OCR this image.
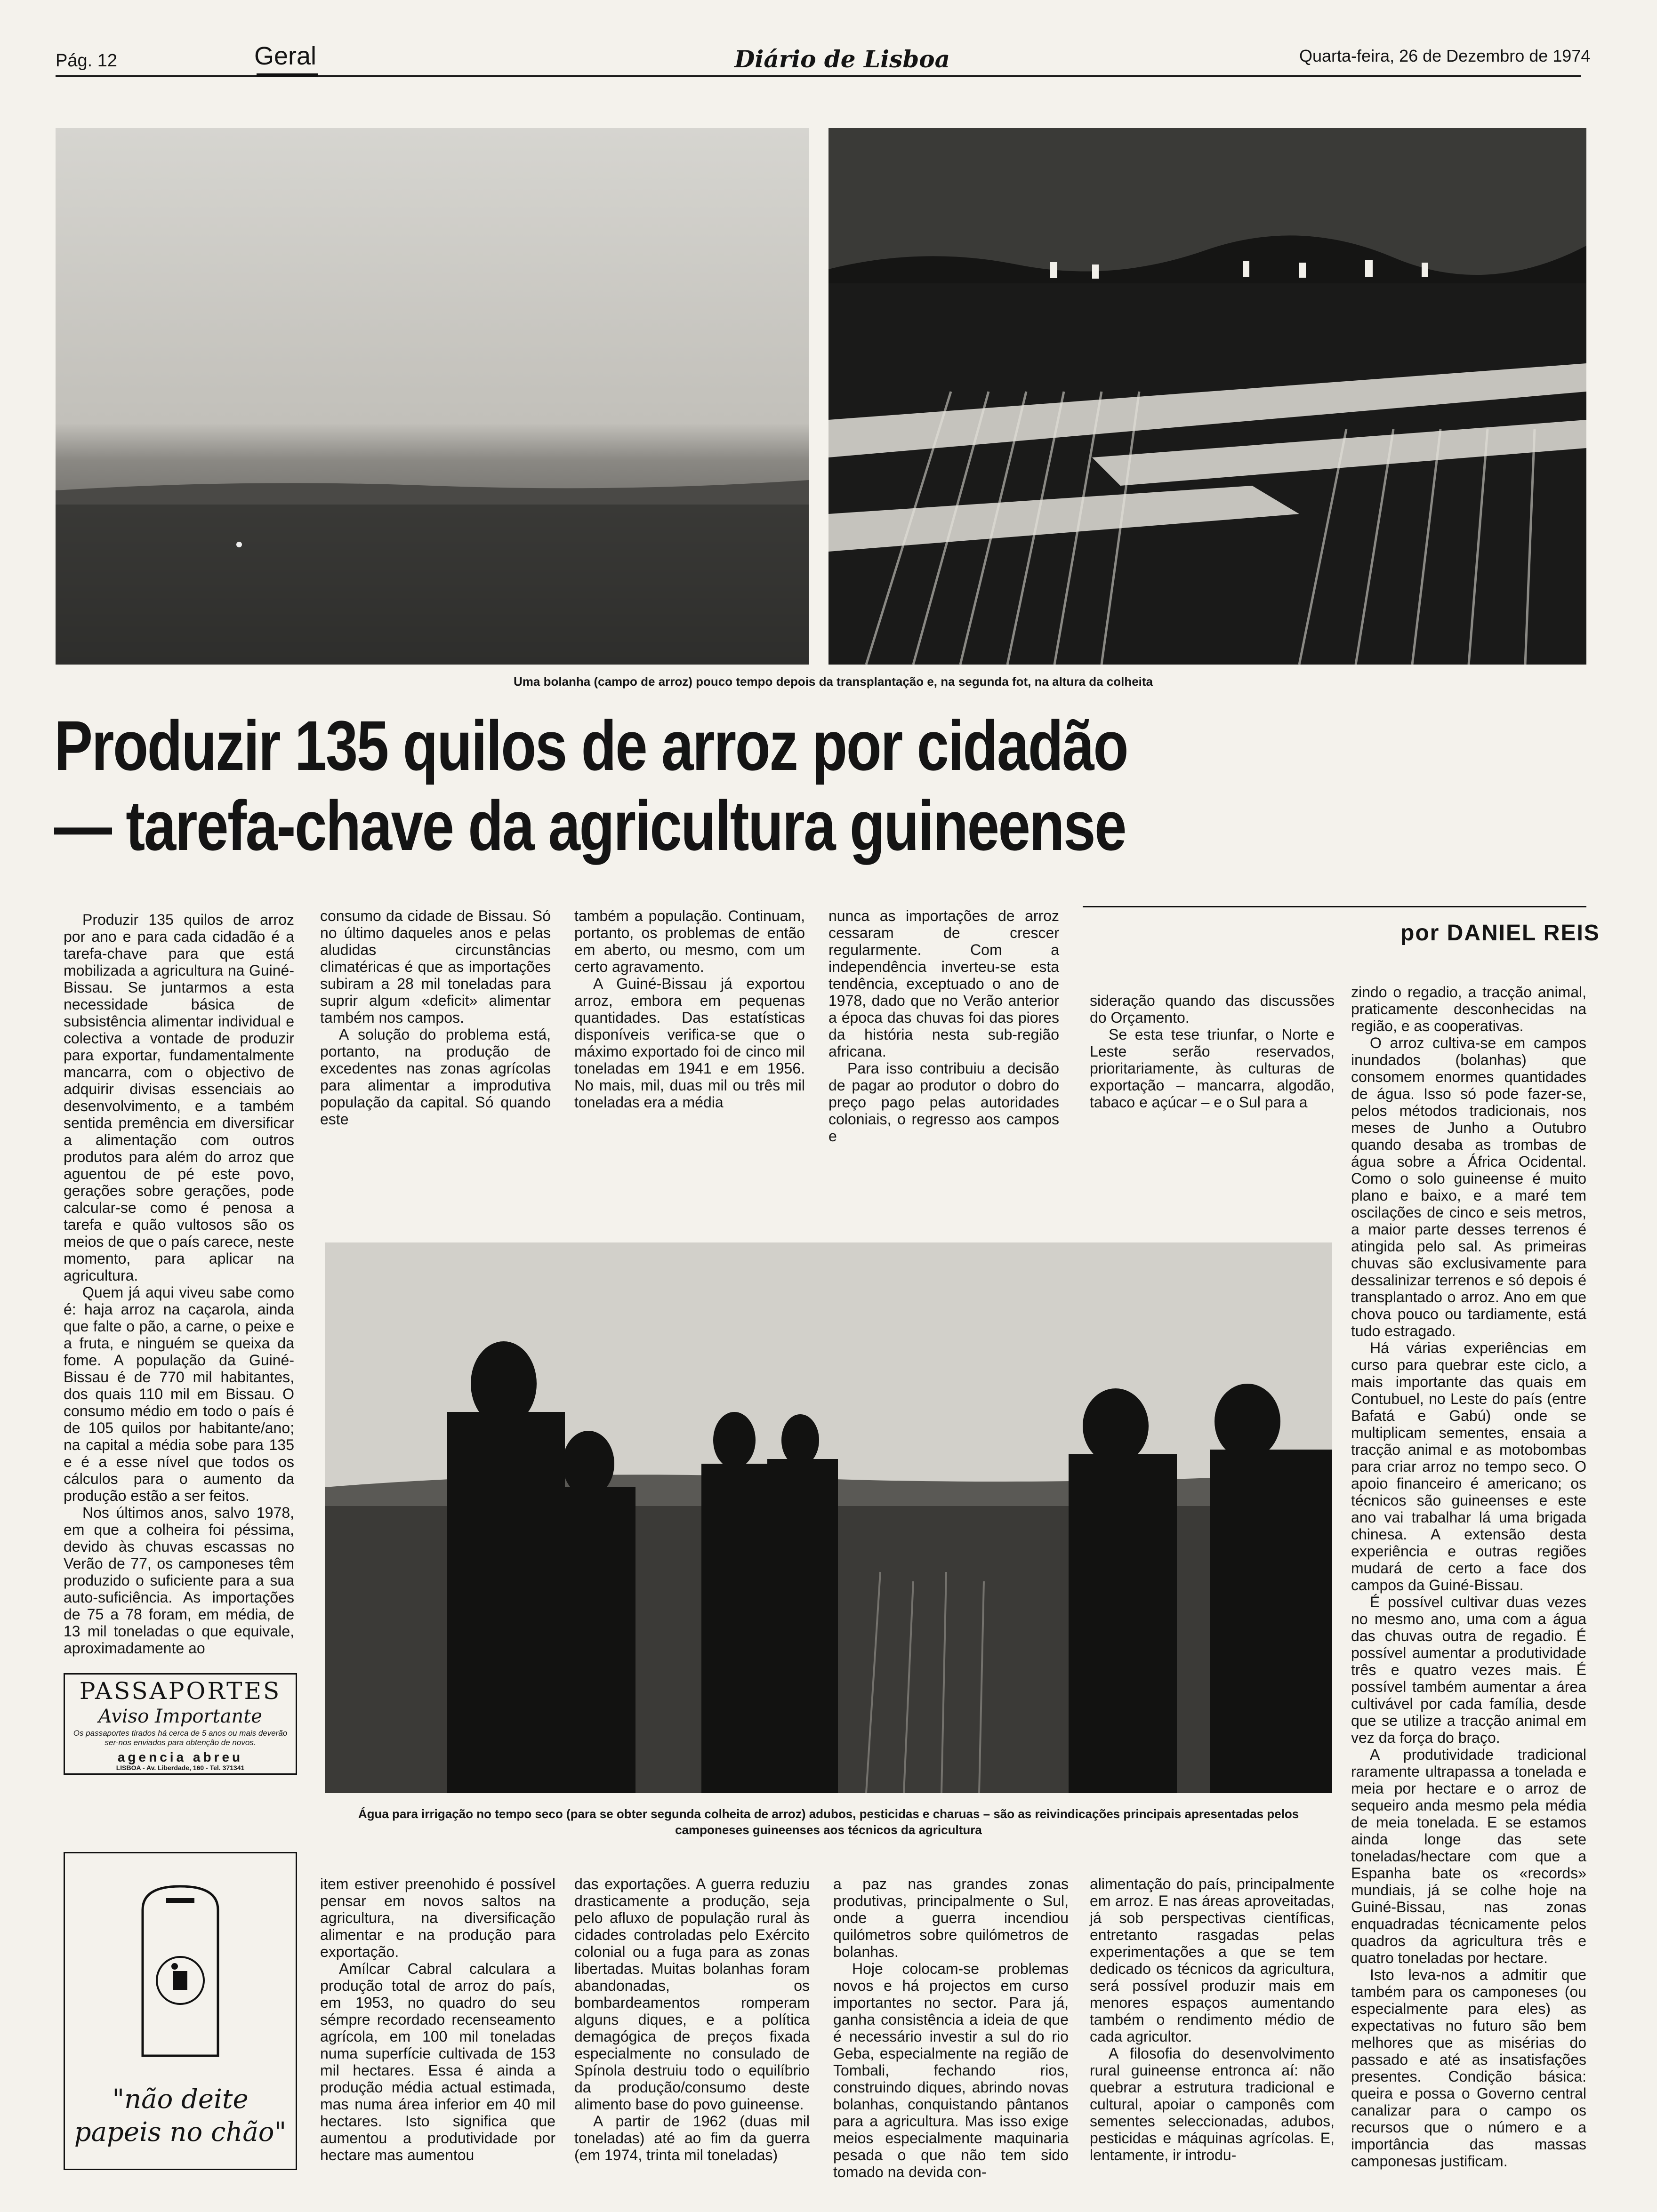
Pág. 12	Geral	Diário de Lisboa	Quarta-feira, 26 de Dezembro de 1974
Uma bolanha (campo de arroz) pouco tempo depois da transplantação e, na segunda fot, na altura da colheita
Produzir 135 quilos de arroz por cidadão
— tarefa-chave da agricultura guineense
por DANIEL REIS

Produzir 135 quilos de arroz por ano e para cada cidadão é a tarefa-chave para que está mobilizada a agricultura na Guiné-Bissau. Se juntarmos a esta necessidade básica de subsistência alimentar individual e colectiva a vontade de produzir para exportar, fundamentalmente mancarra, com o objectivo de adquirir divisas essenciais ao desenvolvimento, e a também sentida premência em diversificar a alimentação com outros produtos para além do arroz que aguentou de pé este povo, gerações sobre gerações, pode calcular-se como é penosa a tarefa e quão vultosos são os meios de que o país carece, neste momento, para aplicar na agricultura.

Quem já aqui viveu sabe como é: haja arroz na caçarola, ainda que falte o pão, a carne, o peixe e a fruta, e ninguém se queixa da fome. A população da Guiné-Bissau é de 770 mil habitantes, dos quais 110 mil em Bissau. O consumo médio em todo o país é de 105 quilos por habitante/ano; na capital a média sobe para 135 e é a esse nível que todos os cálculos para o aumento da produção estão a ser feitos.

Nos últimos anos, salvo 1978, em que a colheira foi péssima, devido às chuvas escassas no Verão de 77, os camponeses têm produzido o suficiente para a sua auto-suficiência. As importações de 75 a 78 foram, em média, de 13 mil toneladas o que equivale, aproximadamente ao

consumo da cidade de Bissau. Só no último daqueles anos e pelas aludidas circunstâncias climatéricas é que as importações subiram a 28 mil toneladas para suprir algum «deficit» alimentar também nos campos.

A solução do problema está, portanto, na produção de excedentes nas zonas agrícolas para alimentar a improdutiva população da capital. Só quando este

também a população. Continuam, portanto, os problemas de então em aberto, ou mesmo, com um certo agravamento.

A Guiné-Bissau já exportou arroz, embora em pequenas quantidades. Das estatísticas disponíveis verifica-se que o máximo exportado foi de cinco mil toneladas em 1941 e em 1956. No mais, mil, duas mil ou três mil toneladas era a média

nunca as importações de arroz cessaram de crescer regularmente. Com a independência inverteu-se esta tendência, exceptuado o ano de 1978, dado que no Verão anterior a época das chuvas foi das piores da história nesta sub-região africana.

Para isso contribuiu a decisão de pagar ao produtor o dobro do preço pago pelas autoridades coloniais, o regresso aos campos e

sideração quando das discussões do Orçamento.

Se esta tese triunfar, o Norte e Leste serão reservados, prioritariamente, às culturas de exportação – mancarra, algodão, tabaco e açúcar – e o Sul para a

zindo o regadio, a tracção animal, praticamente desconhecidas na região, e as cooperativas.

O arroz cultiva-se em campos inundados (bolanhas) que consomem enormes quantidades de água. Isso só pode fazer-se, pelos métodos tradicionais, nos meses de Junho a Outubro quando desaba as trombas de água sobre a África Ocidental. Como o solo guineense é muito plano e baixo, e a maré tem oscilações de cinco e seis metros, a maior parte desses terrenos é atingida pelo sal. As primeiras chuvas são exclusivamente para dessalinizar terrenos e só depois é transplantado o arroz. Ano em que chova pouco ou tardiamente, está tudo estragado.

Há várias experiências em curso para quebrar este ciclo, a mais importante das quais em Contubuel, no Leste do país (entre Bafatá e Gabú) onde se multiplicam sementes, ensaia a tracção animal e as motobombas para criar arroz no tempo seco. O apoio financeiro é americano; os técnicos são guineenses e este ano vai trabalhar lá uma brigada chinesa. A extensão desta experiência e outras regiões mudará de certo a face dos campos da Guiné-Bissau.

É possível cultivar duas vezes no mesmo ano, uma com a água das chuvas outra de regadio. É possível aumentar a produtividade três e quatro vezes mais. É possível também aumentar a área cultivável por cada família, desde que se utilize a tracção animal em vez da força do braço.

A produtividade tradicional raramente ultrapassa a tonelada e meia por hectare e o arroz de sequeiro anda mesmo pela média de meia tonelada. E se estamos ainda longe das sete toneladas/hectare com que a Espanha bate os «records» mundiais, já se colhe hoje na Guiné-Bissau, nas zonas enquadradas técnicamente pelos quadros da agricultura três e quatro toneladas por hectare.

Isto leva-nos a admitir que também para os camponeses (ou especialmente para eles) as expectativas no futuro são bem melhores que as misérias do passado e até as insatisfações presentes. Condição básica: queira e possa o Governo central canalizar para o campo os recursos que o número e a importância das massas camponesas justificam.

Água para irrigação no tempo seco (para se obter segunda colheita de arroz) adubos, pesticidas e charuas – são as reivindicações principais apresentadas pelos camponeses guineenses aos técnicos da agricultura

item estiver preenohido é possível pensar em novos saltos na agricultura, na diversificação alimentar e na produção para exportação.

Amílcar Cabral calculara a produção total de arroz do país, em 1953, no quadro do seu sémpre recordado recenseamento agrícola, em 100 mil toneladas numa superfície cultivada de 153 mil hectares. Essa é ainda a produção média actual estimada, mas numa área inferior em 40 mil hectares. Isto significa que aumentou a produtividade por hectare mas aumentou

das exportações. A guerra reduziu drasticamente a produção, seja pelo afluxo de população rural às cidades controladas pelo Exército colonial ou a fuga para as zonas libertadas. Muitas bolanhas foram abandonadas, os bombardeamentos romperam alguns diques, e a política demagógica de preços fixada especialmente no consulado de Spínola destruiu todo o equilíbrio da produção/consumo deste alimento base do povo guineense.

A partir de 1962 (duas mil toneladas) até ao fim da guerra (em 1974, trinta mil toneladas)

a paz nas grandes zonas produtivas, principalmente o Sul, onde a guerra incendiou quilómetros sobre quilómetros de bolanhas.

Hoje colocam-se problemas novos e há projectos em curso importantes no sector. Para já, ganha consistência a ideia de que é necessário investir a sul do rio Geba, especialmente na região de Tombali, fechando rios, construindo diques, abrindo novas bolanhas, conquistando pântanos para a agricultura. Mas isso exige meios especialmente maquinaria pesada o que não tem sido tomado na devida con-

alimentação do país, principalmente em arroz. E nas áreas aproveitadas, já sob perspectivas científicas, entretanto rasgadas pelas experimentações a que se tem dedicado os técnicos da agricultura, será possível produzir mais em menores espaços aumentando também o rendimento médio de cada agricultor.

A filosofia do desenvolvimento rural guineense entronca aí: não quebrar a estrutura tradicional e cultural, apoiar o camponês com sementes seleccionadas, adubos, pesticidas e máquinas agrícolas. E, lentamente, ir introdu-

PASSAPORTES
Aviso Importante
Os passaportes tirados há cerca de 5 anos ou mais deverão ser-nos enviados para obtenção de novos.
agencia abreu
LISBOA - Av. Liberdade, 160 - Tel. 371341
"não deite
papeis no chão"
